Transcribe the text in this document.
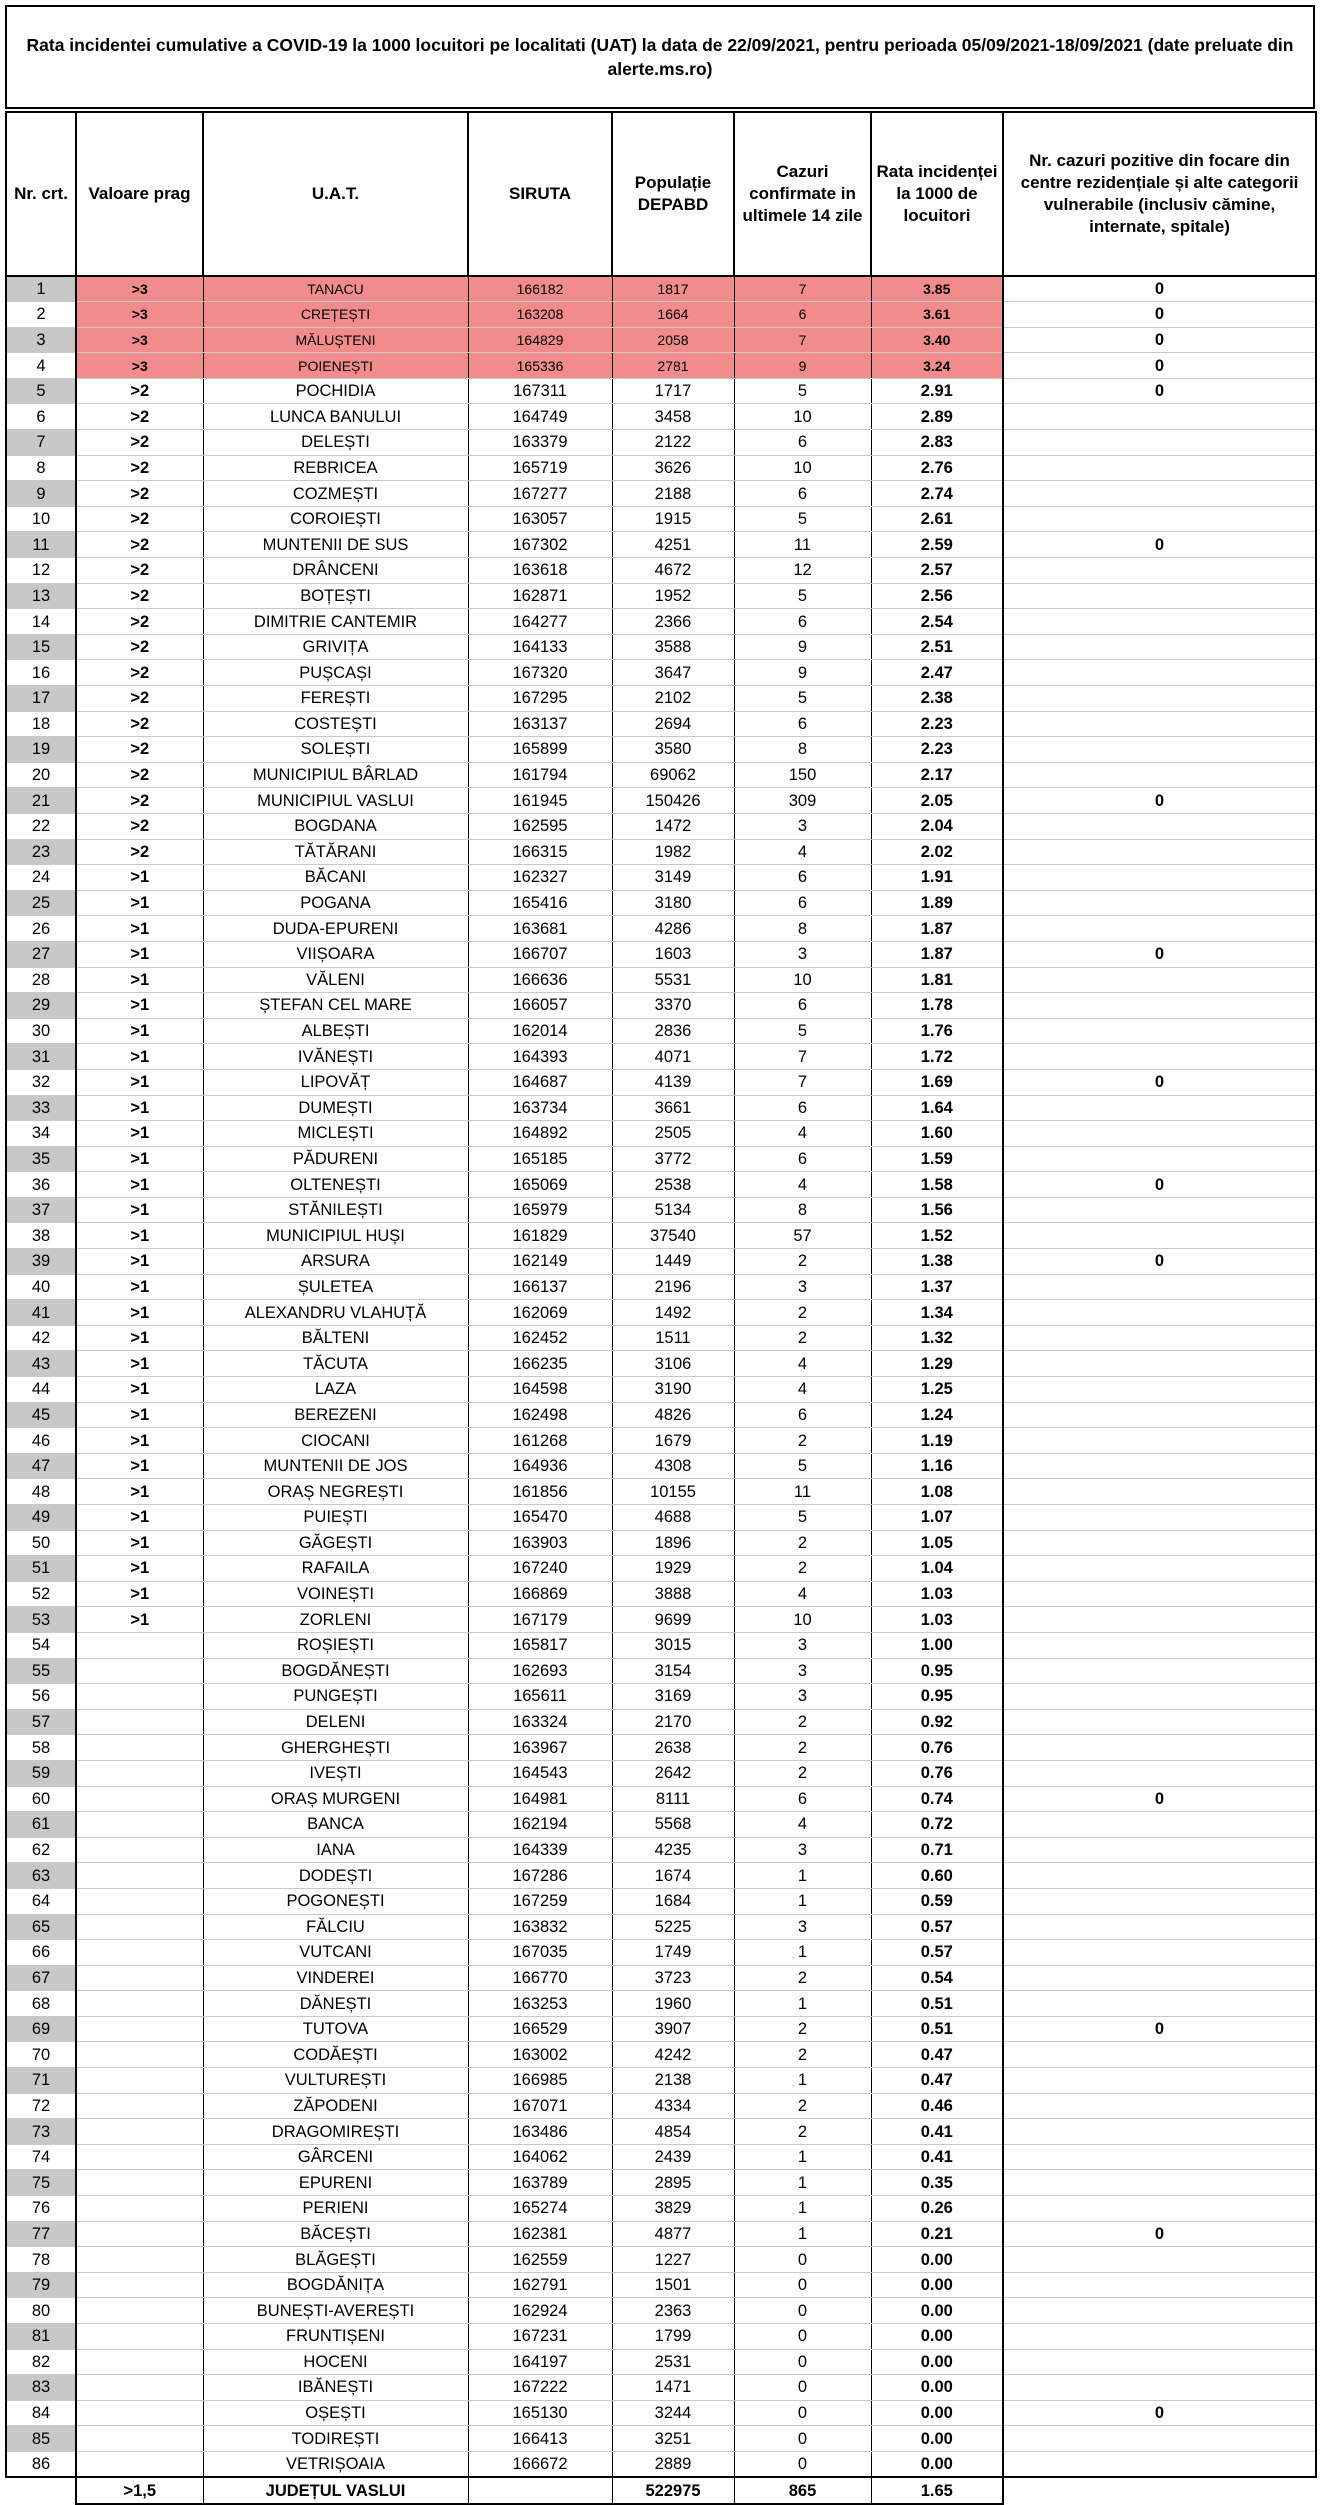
Rata incidentei cumulative a COVID-19 la 1000 locuitori pe localitati (UAT) la data de 22/09/2021, pentru perioada 05/09/2021-18/09/2021 (date preluate din alerte.ms.ro)
Nr. crt.	Valoare prag	U.A.T.	SIRUTA	Populație DEPABD	Cazuri confirmate in ultimele 14 zile	Rata incidenței la 1000 de locuitori	Nr. cazuri pozitive din focare din centre rezidențiale și alte categorii vulnerabile (inclusiv cămine, internate, spitale)
1	>3	TANACU	166182	1817	7	3.85	0
2	>3	CREȚEȘTI	163208	1664	6	3.61	0
3	>3	MĂLUȘTENI	164829	2058	7	3.40	0
4	>3	POIENEȘTI	165336	2781	9	3.24	0
5	>2	POCHIDIA	167311	1717	5	2.91	0
6	>2	LUNCA BANULUI	164749	3458	10	2.89	
7	>2	DELEȘTI	163379	2122	6	2.83	
8	>2	REBRICEA	165719	3626	10	2.76	
9	>2	COZMEȘTI	167277	2188	6	2.74	
10	>2	COROIEȘTI	163057	1915	5	2.61	
11	>2	MUNTENII DE SUS	167302	4251	11	2.59	0
12	>2	DRÂNCENI	163618	4672	12	2.57	
13	>2	BOȚEȘTI	162871	1952	5	2.56	
14	>2	DIMITRIE CANTEMIR	164277	2366	6	2.54	
15	>2	GRIVIȚA	164133	3588	9	2.51	
16	>2	PUȘCAȘI	167320	3647	9	2.47	
17	>2	FEREȘTI	167295	2102	5	2.38	
18	>2	COSTEȘTI	163137	2694	6	2.23	
19	>2	SOLEȘTI	165899	3580	8	2.23	
20	>2	MUNICIPIUL BÂRLAD	161794	69062	150	2.17	
21	>2	MUNICIPIUL VASLUI	161945	150426	309	2.05	0
22	>2	BOGDANA	162595	1472	3	2.04	
23	>2	TĂTĂRANI	166315	1982	4	2.02	
24	>1	BĂCANI	162327	3149	6	1.91	
25	>1	POGANA	165416	3180	6	1.89	
26	>1	DUDA-EPURENI	163681	4286	8	1.87	
27	>1	VIIȘOARA	166707	1603	3	1.87	0
28	>1	VĂLENI	166636	5531	10	1.81	
29	>1	ȘTEFAN CEL MARE	166057	3370	6	1.78	
30	>1	ALBEȘTI	162014	2836	5	1.76	
31	>1	IVĂNEȘTI	164393	4071	7	1.72	
32	>1	LIPOVĂȚ	164687	4139	7	1.69	0
33	>1	DUMEȘTI	163734	3661	6	1.64	
34	>1	MICLEȘTI	164892	2505	4	1.60	
35	>1	PĂDURENI	165185	3772	6	1.59	
36	>1	OLTENEȘTI	165069	2538	4	1.58	0
37	>1	STĂNILEȘTI	165979	5134	8	1.56	
38	>1	MUNICIPIUL HUȘI	161829	37540	57	1.52	
39	>1	ARSURA	162149	1449	2	1.38	0
40	>1	ȘULETEA	166137	2196	3	1.37	
41	>1	ALEXANDRU VLAHUȚĂ	162069	1492	2	1.34	
42	>1	BĂLTENI	162452	1511	2	1.32	
43	>1	TĂCUTA	166235	3106	4	1.29	
44	>1	LAZA	164598	3190	4	1.25	
45	>1	BEREZENI	162498	4826	6	1.24	
46	>1	CIOCANI	161268	1679	2	1.19	
47	>1	MUNTENII DE JOS	164936	4308	5	1.16	
48	>1	ORAȘ NEGREȘTI	161856	10155	11	1.08	
49	>1	PUIEȘTI	165470	4688	5	1.07	
50	>1	GĂGEȘTI	163903	1896	2	1.05	
51	>1	RAFAILA	167240	1929	2	1.04	
52	>1	VOINEȘTI	166869	3888	4	1.03	
53	>1	ZORLENI	167179	9699	10	1.03	
54		ROȘIEȘTI	165817	3015	3	1.00	
55		BOGDĂNEȘTI	162693	3154	3	0.95	
56		PUNGEȘTI	165611	3169	3	0.95	
57		DELENI	163324	2170	2	0.92	
58		GHERGHEȘTI	163967	2638	2	0.76	
59		IVEȘTI	164543	2642	2	0.76	
60		ORAȘ MURGENI	164981	8111	6	0.74	0
61		BANCA	162194	5568	4	0.72	
62		IANA	164339	4235	3	0.71	
63		DODEȘTI	167286	1674	1	0.60	
64		POGONEȘTI	167259	1684	1	0.59	
65		FĂLCIU	163832	5225	3	0.57	
66		VUTCANI	167035	1749	1	0.57	
67		VINDEREI	166770	3723	2	0.54	
68		DĂNEȘTI	163253	1960	1	0.51	
69		TUTOVA	166529	3907	2	0.51	0
70		CODĂEȘTI	163002	4242	2	0.47	
71		VULTUREȘTI	166985	2138	1	0.47	
72		ZĂPODENI	167071	4334	2	0.46	
73		DRAGOMIREȘTI	163486	4854	2	0.41	
74		GÂRCENI	164062	2439	1	0.41	
75		EPURENI	163789	2895	1	0.35	
76		PERIENI	165274	3829	1	0.26	
77		BĂCEȘTI	162381	4877	1	0.21	0
78		BLĂGEȘTI	162559	1227	0	0.00	
79		BOGDĂNIȚA	162791	1501	0	0.00	
80		BUNEȘTI-AVEREȘTI	162924	2363	0	0.00	
81		FRUNTIȘENI	167231	1799	0	0.00	
82		HOCENI	164197	2531	0	0.00	
83		IBĂNEȘTI	167222	1471	0	0.00	
84		OȘEȘTI	165130	3244	0	0.00	0
85		TODIREȘTI	166413	3251	0	0.00	
86		VETRIȘOAIA	166672	2889	0	0.00	
	>1,5	JUDEȚUL VASLUI		522975	865	1.65	
